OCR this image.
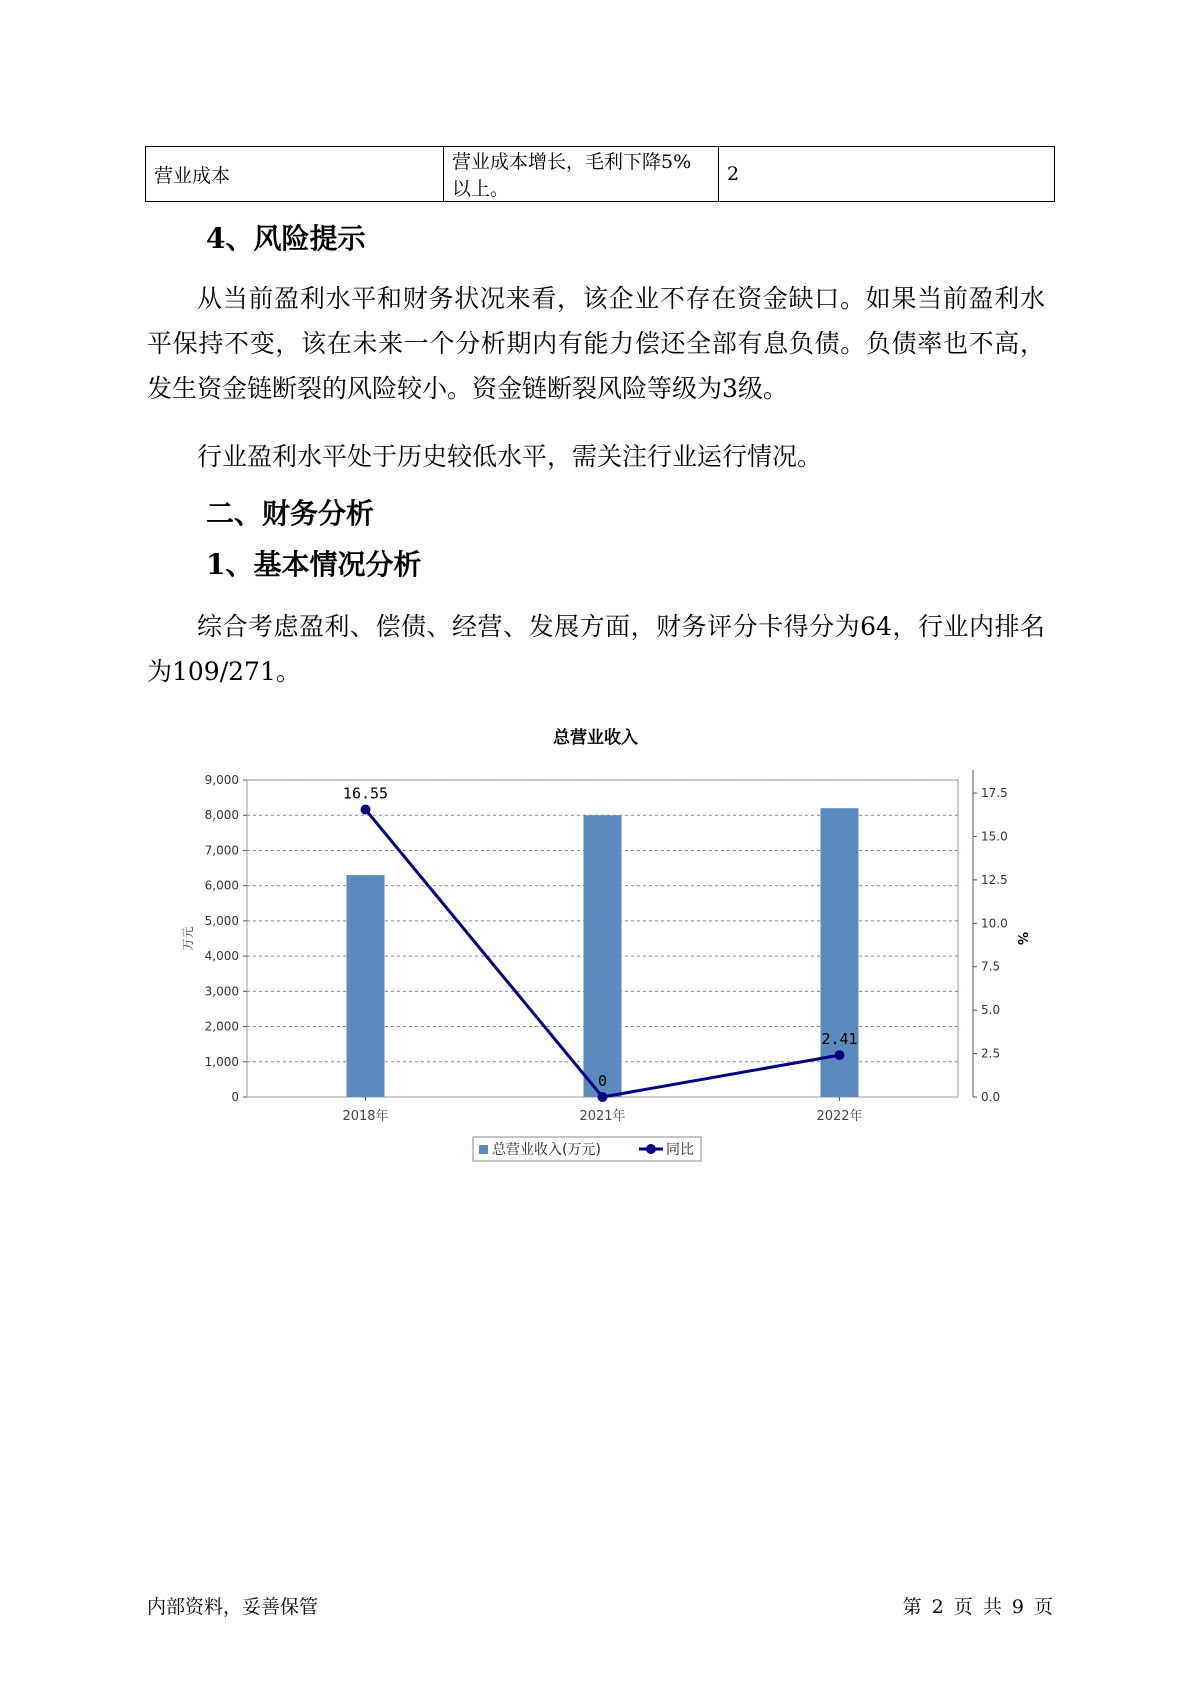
营业成本	营业成本增长，毛利下降5%以上。	2
4、风险提示

从当前盈利水平和财务状况来看，该企业不存在资金缺口。如果当前盈利水平保持不变，该在未来一个分析期内有能力偿还全部有息负债。负债率也不高，发生资金链断裂的风险较小。资金链断裂风险等级为3级。

行业盈利水平处于历史较低水平，需关注行业运行情况。

二、财务分析
1、基本情况分析

综合考虑盈利、偿债、经营、发展方面，财务评分卡得分为64，行业内排名为109/271。

总营业收入
0
1,000
2,000
3,000
4,000
5,000
6,000
7,000
8,000
9,000
万元
0.0
2.5
5.0
7.5
10.0
12.5
15.0
17.5
%
2018年	2021年	2022年
16.55
0
2.41
总营业收入(万元)	同比
内部资料，妥善保管	第 2 页 共 9 页
